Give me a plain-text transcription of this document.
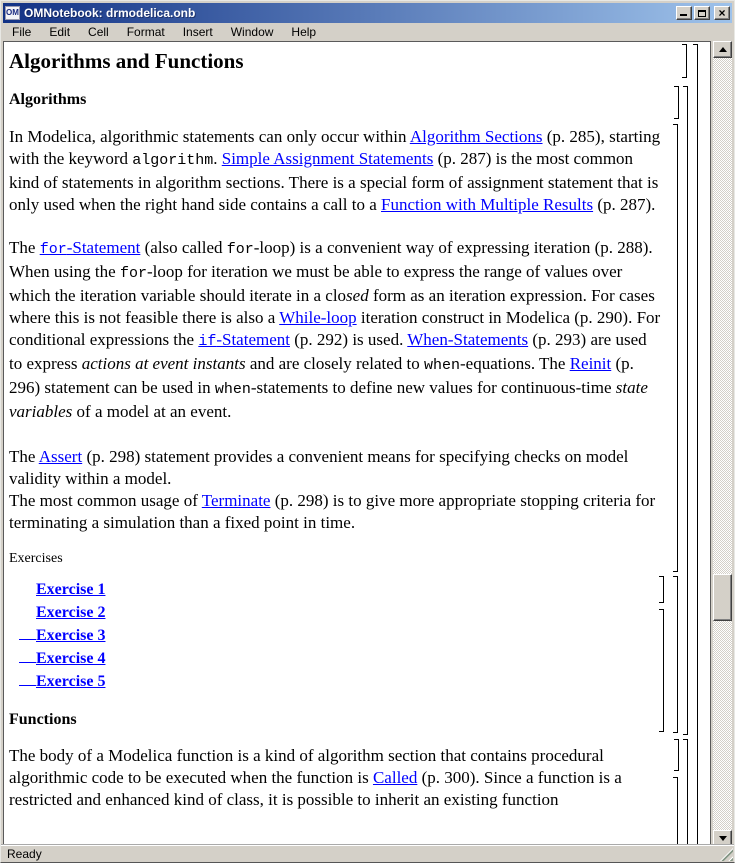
OM OMNotebook: drmodelica.onb	×
File	Edit	Cell	Format	Insert	Window	Help
Algorithms and Functions
Algorithms
In Modelica, algorithmic statements can only occur within Algorithm Sections (p. 285), starting with the keyword algorithm. Simple Assignment Statements (p. 287) is the most common kind of statements in algorithm sections. There is a special form of assignment statement that is only used when the right hand side contains a call to a Function with Multiple Results (p. 287).
The for-Statement (also called for-loop) is a convenient way of expressing iteration (p. 288). When using the for-loop for iteration we must be able to express the range of values over which the iteration variable should iterate in a closed form as an iteration expression. For cases where this is not feasible there is also a While-loop iteration construct in Modelica (p. 290). For conditional expressions the if-Statement (p. 292) is used. When-Statements (p. 293) are used to express actions at event instants and are closely related to when-equations. The Reinit (p. 296) statement can be used in when-statements to define new values for continuous-time state variables of a model at an event.
The Assert (p. 298) statement provides a convenient means for specifying checks on model validity within a model.
The most common usage of Terminate (p. 298) is to give more appropriate stopping criteria for terminating a simulation than a fixed point in time.
Exercises
Exercise 1
Exercise 2
Exercise 3
Exercise 4
Exercise 5
Functions
The body of a Modelica function is a kind of algorithm section that contains procedural algorithmic code to be executed when the function is Called (p. 300). Since a function is a restricted and enhanced kind of class, it is possible to inherit an existing function
Ready
